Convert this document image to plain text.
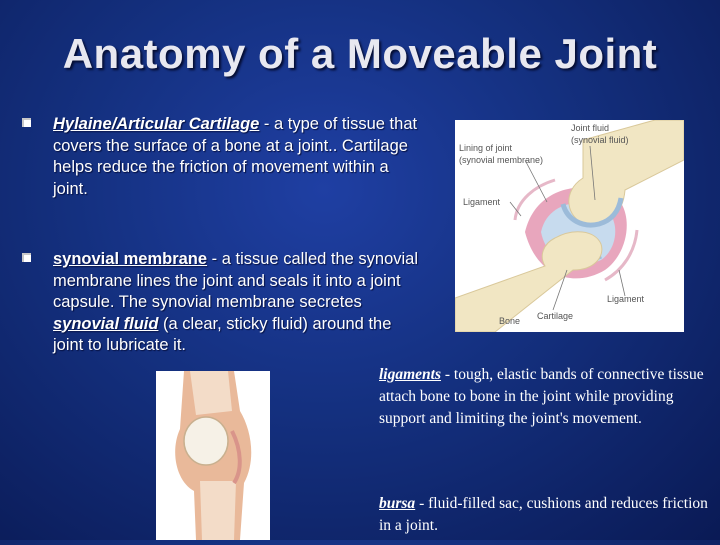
Anatomy of a Moveable Joint
Hylaine/Articular Cartilage - a type of tissue that covers the surface of a bone at a joint.. Cartilage helps reduce the friction of movement within a joint.
synovial membrane - a tissue called the synovial membrane lines the joint and seals it into a joint capsule. The synovial membrane secretes synovial fluid (a clear, sticky fluid) around the joint to lubricate it.
Joint fluid
(synovial fluid)
Lining of joint
(synovial membrane)
Ligament
Ligament
Bone Cartilage
ligaments - tough, elastic bands of connective tissue attach bone to bone in the joint while providing support and limiting the joint's movement.
bursa - fluid-filled sac, cushions and reduces friction in a joint.
